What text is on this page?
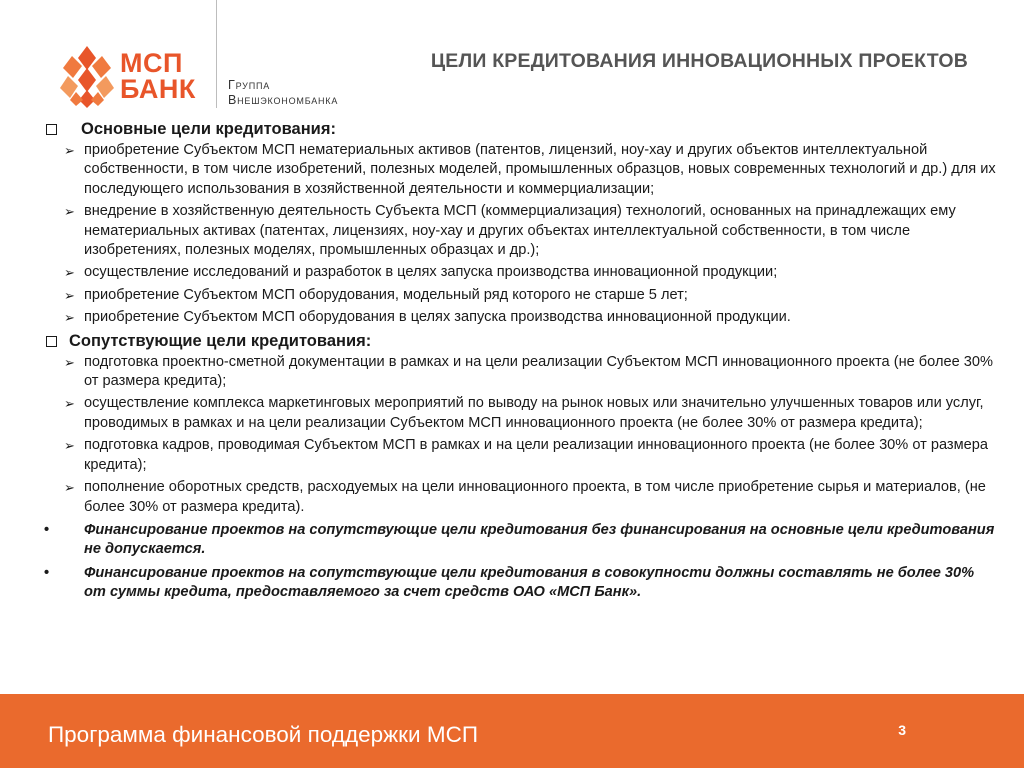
МСП
БАНК	Группа
Внешэкономбанка
ЦЕЛИ КРЕДИТОВАНИЯ ИННОВАЦИОННЫХ ПРОЕКТОВ
Основные цели кредитования:
➢ приобретение Субъектом МСП нематериальных активов (патентов, лицензий, ноу-хау и других объектов интеллектуальной собственности, в том числе изобретений, полезных моделей, промышленных образцов, новых современных технологий и др.) для их последующего использования в хозяйственной деятельности и коммерциализации;
➢ внедрение в хозяйственную деятельность Субъекта МСП (коммерциализация) технологий, основанных на принадлежащих ему нематериальных активах (патентах, лицензиях, ноу-хау и других объектах интеллектуальной собственности, в том числе изобретениях, полезных моделях, промышленных образцах и др.);
➢ осуществление исследований и разработок в целях запуска производства инновационной продукции;
➢ приобретение Субъектом МСП оборудования, модельный ряд которого не старше 5 лет;
➢ приобретение Субъектом МСП оборудования в целях запуска производства инновационной продукции.
Сопутствующие цели кредитования:
➢ подготовка проектно-сметной документации в рамках и на цели реализации Субъектом МСП инновационного проекта (не более 30% от размера кредита);
➢ осуществление комплекса маркетинговых мероприятий по выводу на рынок новых или значительно улучшенных товаров или услуг, проводимых в рамках и на цели реализации Субъектом МСП инновационного проекта (не более 30% от размера кредита);
➢ подготовка кадров, проводимая Субъектом МСП в рамках и на цели реализации инновационного проекта (не более 30% от размера кредита);
➢ пополнение оборотных средств, расходуемых на цели инновационного проекта, в том числе приобретение сырья и материалов, (не более 30% от размера кредита).
• Финансирование проектов на сопутствующие цели кредитования без финансирования на основные цели кредитования не допускается.
• Финансирование проектов на сопутствующие цели кредитования в совокупности должны составлять не более 30% от суммы кредита, предоставляемого за счет средств ОАО «МСП Банк».
Программа финансовой поддержки МСП	3
